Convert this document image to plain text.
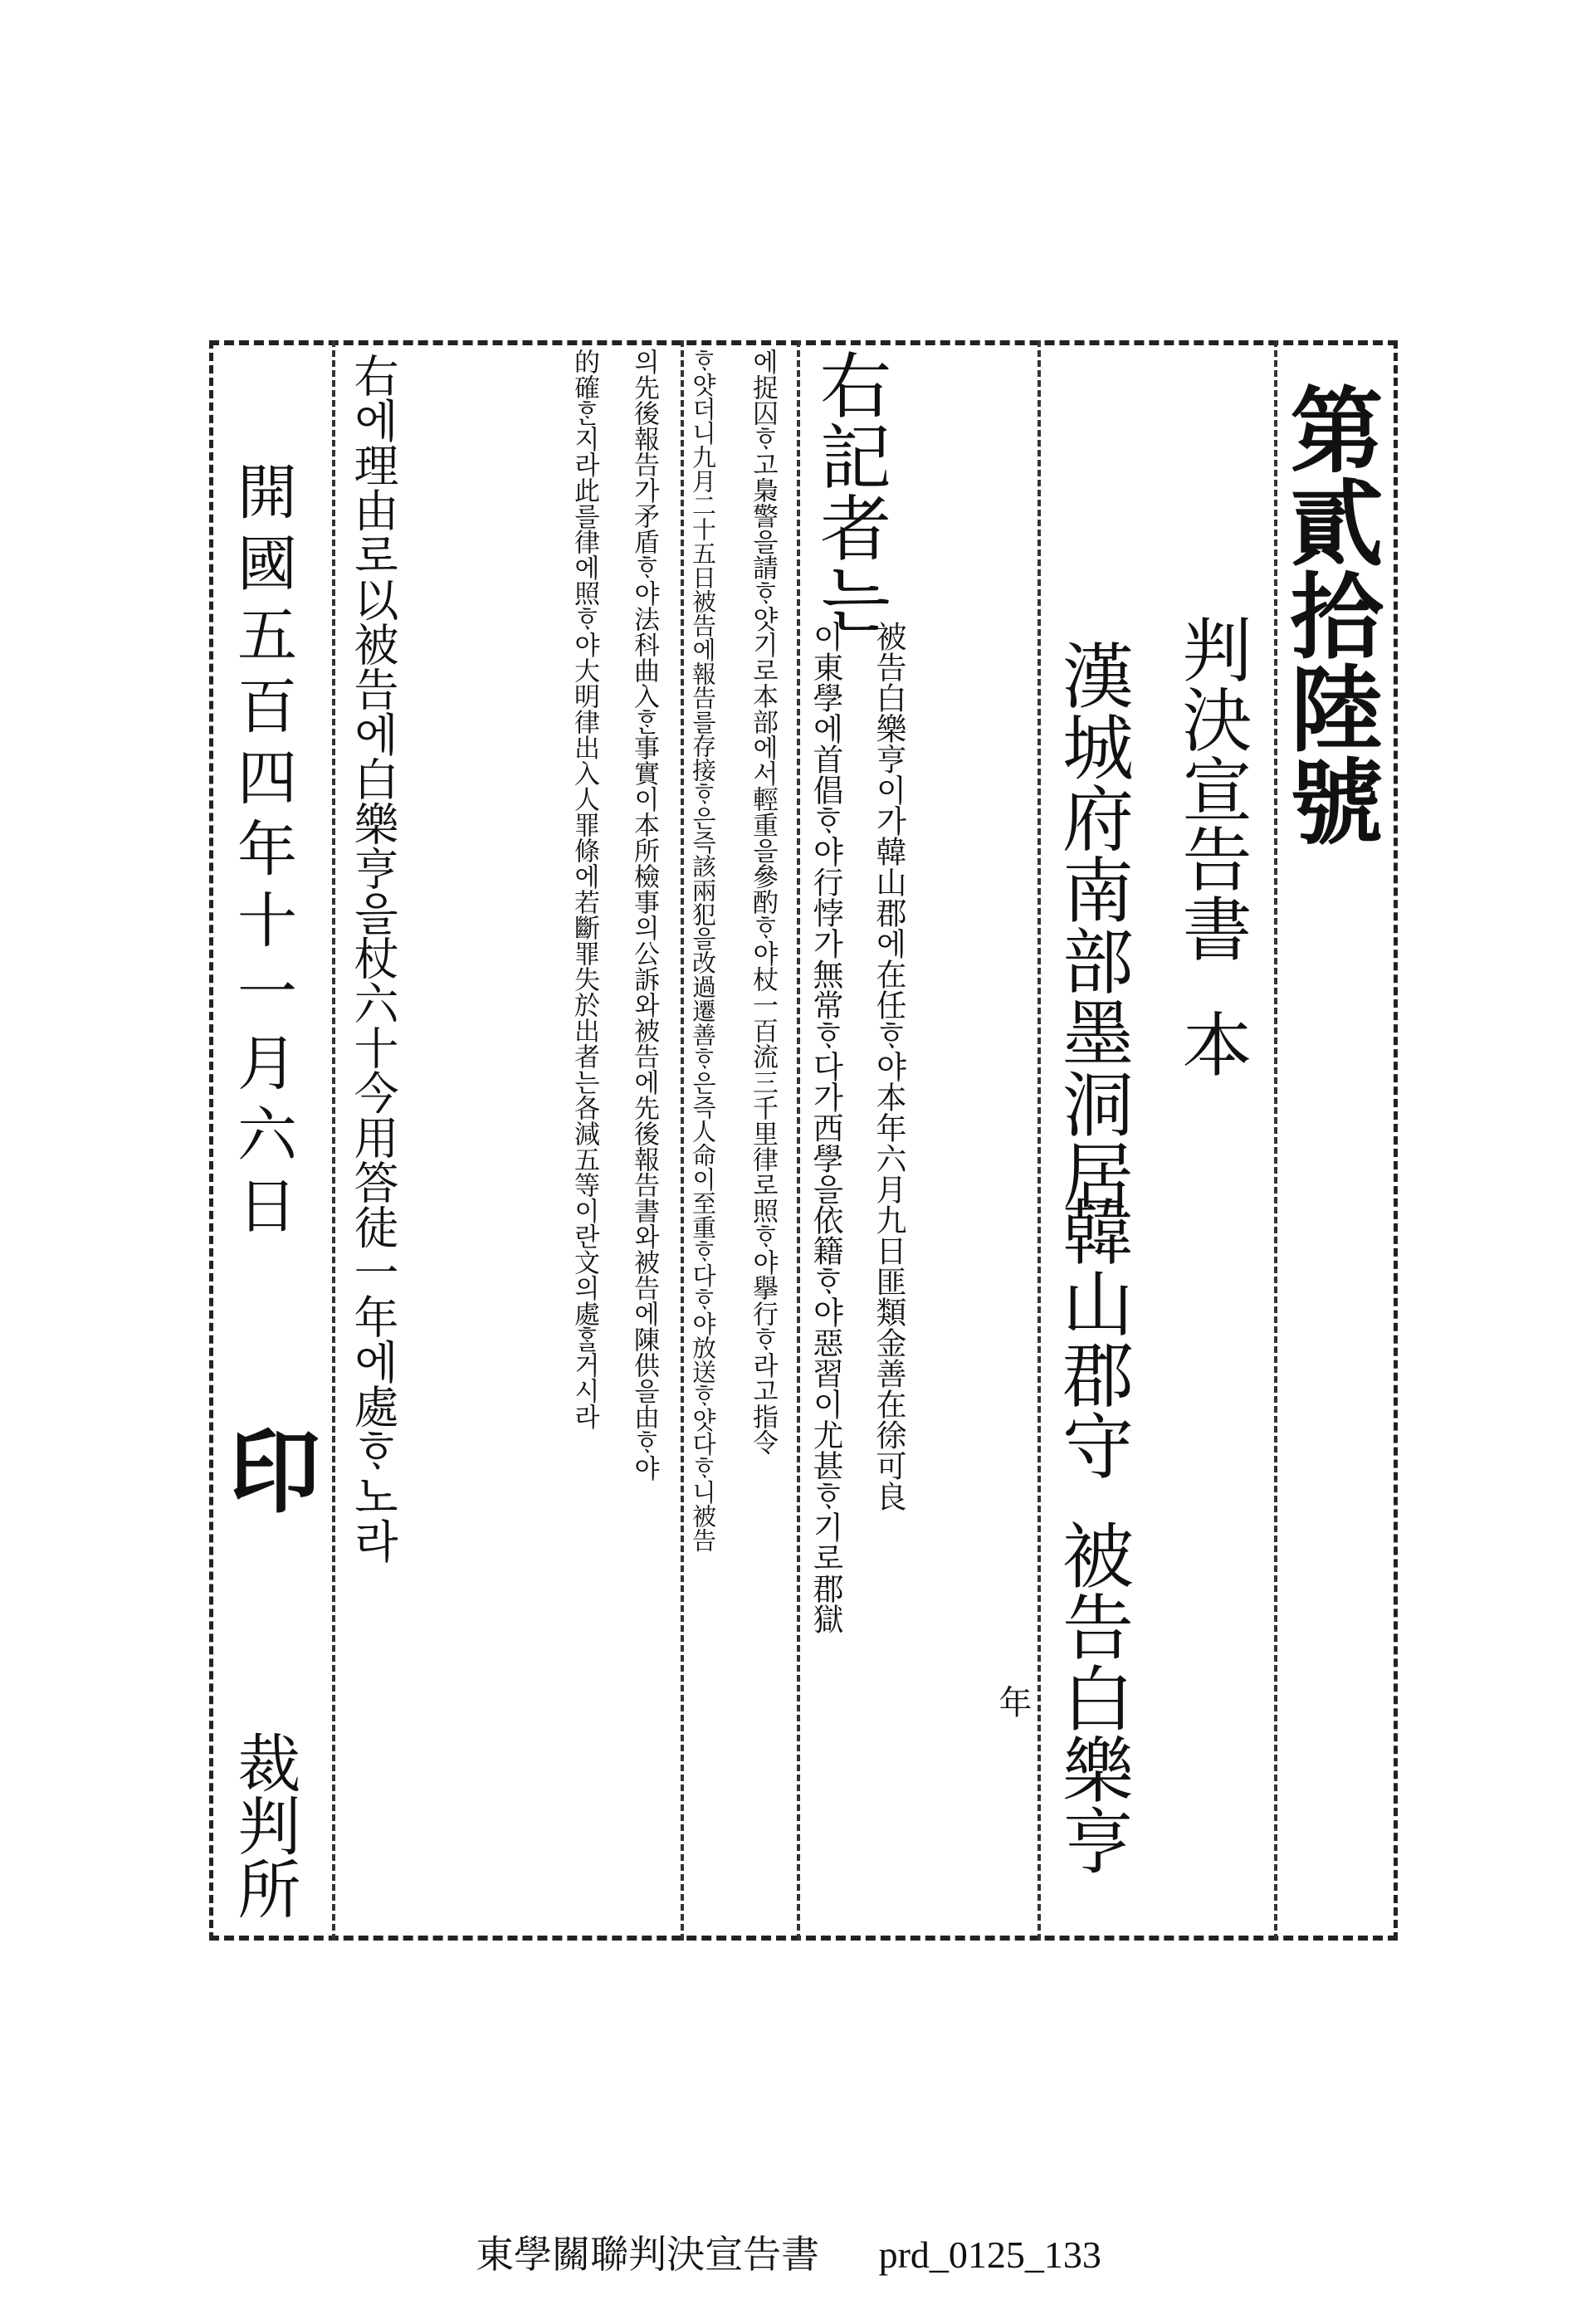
第貳拾陸號
判決宣告書
本
漢城府南部墨洞居
韓山郡守
被告白樂亨
年
右記者는
被告白樂亨이가韓山郡에在任ᄒᆞ야本年六月九日匪類金善在徐可良
이東學에首倡ᄒᆞ야行悖가無常ᄒᆞ다가西學을依籍ᄒᆞ야惡習이尤甚ᄒᆞ기로郡獄
에捉囚ᄒᆞ고梟警을請ᄒᆞ얏기로本部에서輕重을參酌ᄒᆞ야杖一百流三千里律로照ᄒᆞ야擧行ᄒᆞ라고指令
ᄒᆞ얏더니九月二十五日被告에報告를存接ᄒᆞ은즉該兩犯을改過遷善ᄒᆞ은즉人命이至重ᄒᆞ다ᄒᆞ야放送ᄒᆞ얏다ᄒᆞ니被告
의先後報告가矛盾ᄒᆞ야法科曲入ᄒᆞᆫ事實이本所檢事의公訴와被告에先後報告書와被告에陳供을由ᄒᆞ야
的確ᄒᆞᆫ지라此를律에照ᄒᆞ야大明律出入人罪條에若斷罪失於出者는各減五等이란文의處ᄒᆞᆯ거시라
右에理由로以被告에白樂亨을杖六十今用答徒一年에處ᄒᆞ노라
開國五百四年十一月六日
印
裁判所
東學關聯判決宣告書 prd_0125_133
